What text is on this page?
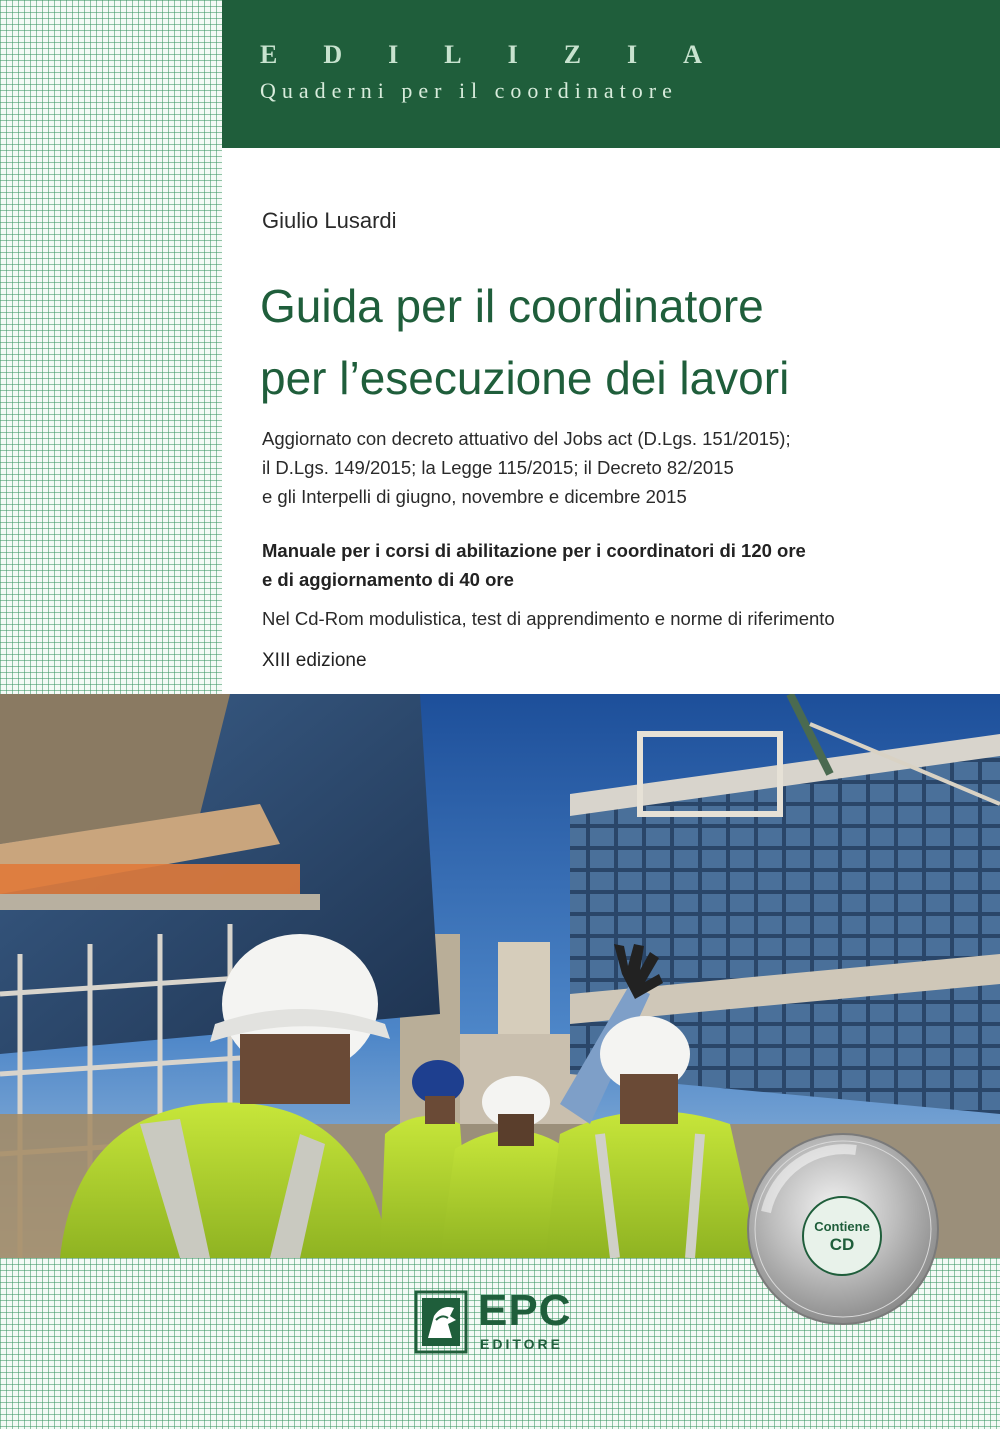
EDILIZIA
Quaderni per il coordinatore
Giulio Lusardi
Guida per il coordinatore
per l’esecuzione dei lavori

Aggiornato con decreto attuativo del Jobs act (D.Lgs. 151/2015);

il D.Lgs. 149/2015; la Legge 115/2015; il Decreto 82/2015

e gli Interpelli di giugno, novembre e dicembre 2015

Manuale per i corsi di abilitazione per i coordinatori di 120 ore
e di aggiornamento di 40 ore
Nel Cd-Rom modulistica, test di apprendimento e norme di riferimento
XIII edizione
Contiene
CD
EPC
EDITORE
